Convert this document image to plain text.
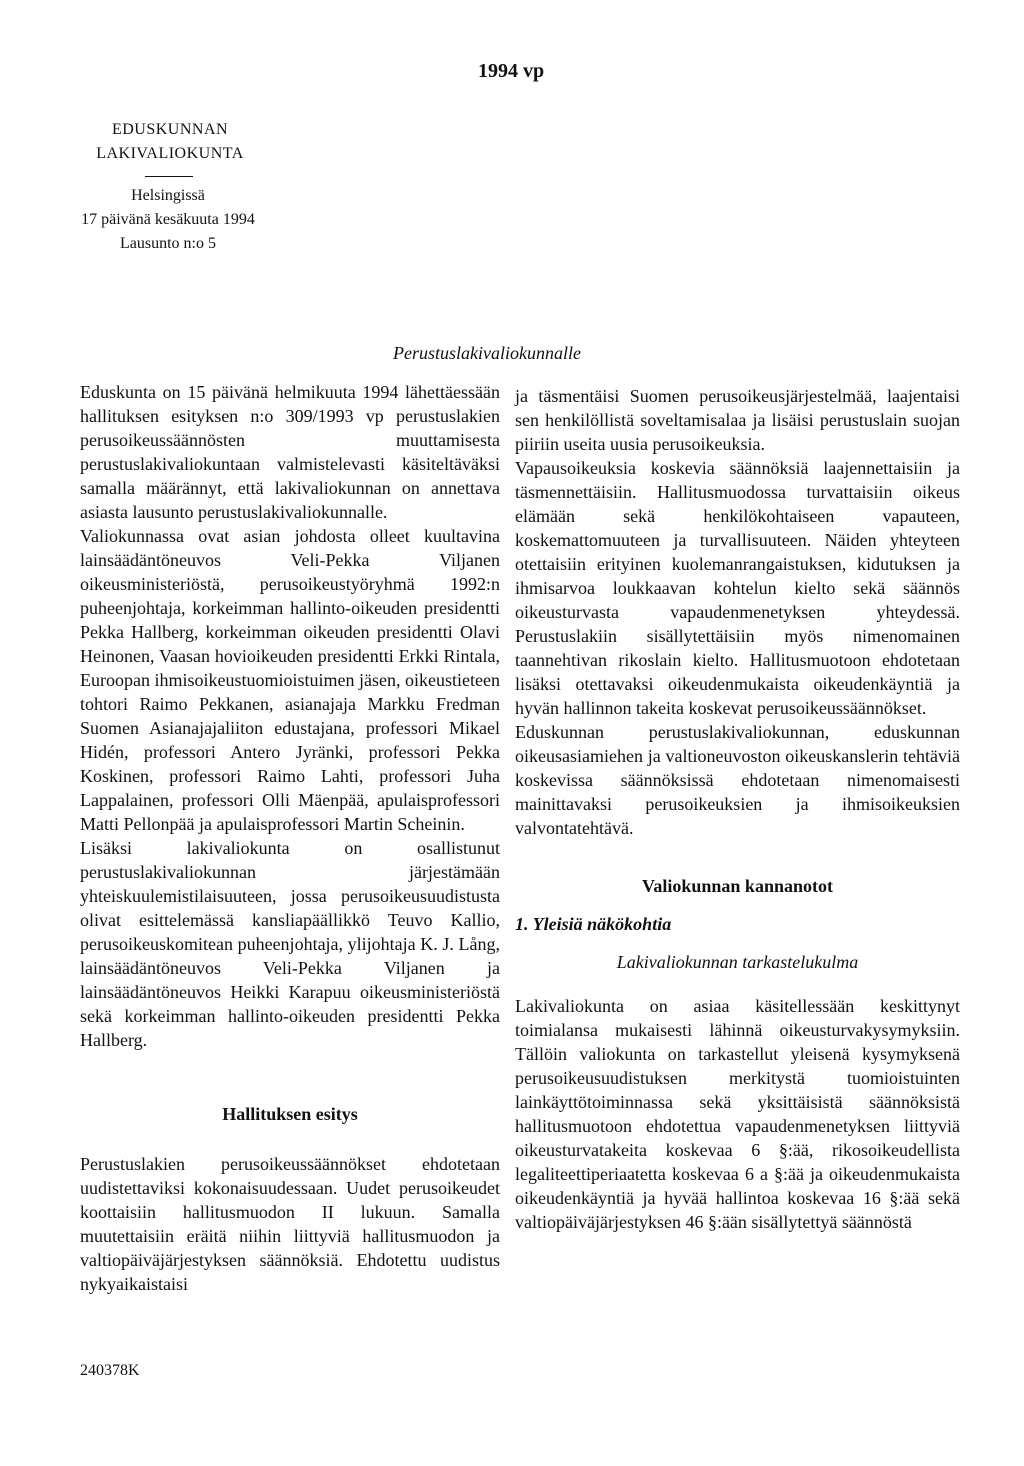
1994 vp
EDUSKUNNAN
LAKIVALIOKUNTA
Helsingissä
17 päivänä kesäkuuta 1994
Lausunto n:o 5
Perustuslakivaliokunnalle

Eduskunta on 15 päivänä helmikuuta 1994 lähettäessään hallituksen esityksen n:o 309/1993 vp perustuslakien perusoikeussäännösten muuttamisesta perustuslakivaliokuntaan valmistelevasti käsiteltäväksi samalla määrännyt, että lakivaliokunnan on annettava asiasta lausunto perustuslakivaliokunnalle.

Valiokunnassa ovat asian johdosta olleet kuultavina lainsäädäntöneuvos Veli-Pekka Viljanen oikeusministeriöstä, perusoikeustyöryhmä 1992:n puheenjohtaja, korkeimman hallinto-oikeuden presidentti Pekka Hallberg, korkeimman oikeuden presidentti Olavi Heinonen, Vaasan hovioikeuden presidentti Erkki Rintala, Euroopan ihmisoikeustuomioistuimen jäsen, oikeustieteen tohtori Raimo Pekkanen, asianajaja Markku Fredman Suomen Asianajajaliiton edustajana, professori Mikael Hidén, professori Antero Jyränki, professori Pekka Koskinen, professori Raimo Lahti, professori Juha Lappalainen, professori Olli Mäenpää, apulaisprofessori Matti Pellonpää ja apulaisprofessori Martin Scheinin.

Lisäksi lakivaliokunta on osallistunut perustuslakivaliokunnan järjestämään yhteiskuulemistilaisuuteen, jossa perusoikeusuudistusta olivat esittelemässä kansliapäällikkö Teuvo Kallio, perusoikeuskomitean puheenjohtaja, ylijohtaja K. J. Lång, lainsäädäntöneuvos Veli-Pekka Viljanen ja lainsäädäntöneuvos Heikki Karapuu oikeusministeriöstä sekä korkeimman hallinto-oikeuden presidentti Pekka Hallberg.

Hallituksen esitys

Perustuslakien perusoikeussäännökset ehdotetaan uudistettaviksi kokonaisuudessaan. Uudet perusoikeudet koottaisiin hallitusmuodon II lukuun. Samalla muutettaisiin eräitä niihin liittyviä hallitusmuodon ja valtiopäiväjärjestyksen säännöksiä. Ehdotettu uudistus nykyaikaistaisi

ja täsmentäisi Suomen perusoikeusjärjestelmää, laajentaisi sen henkilöllistä soveltamisalaa ja lisäisi perustuslain suojan piiriin useita uusia perusoikeuksia.

Vapausoikeuksia koskevia säännöksiä laajennettaisiin ja täsmennettäisiin. Hallitusmuodossa turvattaisiin oikeus elämään sekä henkilökohtaiseen vapauteen, koskemattomuuteen ja turvallisuuteen. Näiden yhteyteen otettaisiin erityinen kuolemanrangaistuksen, kidutuksen ja ihmisarvoa loukkaavan kohtelun kielto sekä säännös oikeusturvasta vapaudenmenetyksen yhteydessä. Perustuslakiin sisällytettäisiin myös nimenomainen taannehtivan rikoslain kielto. Hallitusmuotoon ehdotetaan lisäksi otettavaksi oikeudenmukaista oikeudenkäyntiä ja hyvän hallinnon takeita koskevat perusoikeussäännökset.

Eduskunnan perustuslakivaliokunnan, eduskunnan oikeusasiamiehen ja valtioneuvoston oikeuskanslerin tehtäviä koskevissa säännöksissä ehdotetaan nimenomaisesti mainittavaksi perusoikeuksien ja ihmisoikeuksien valvontatehtävä.

Valiokunnan kannanotot

1. Yleisiä näkökohtia

Lakivaliokunnan tarkastelukulma

Lakivaliokunta on asiaa käsitellessään keskittynyt toimialansa mukaisesti lähinnä oikeusturvakysymyksiin. Tällöin valiokunta on tarkastellut yleisenä kysymyksenä perusoikeusuudistuksen merkitystä tuomioistuinten lainkäyttötoiminnassa sekä yksittäisistä säännöksistä hallitusmuotoon ehdotettua vapaudenmenetyksen liittyviä oikeusturvatakeita koskevaa 6 §:ää, rikosoikeudellista legaliteettiperiaatetta koskevaa 6 a §:ää ja oikeudenmukaista oikeudenkäyntiä ja hyvää hallintoa koskevaa 16 §:ää sekä valtiopäiväjärjestyksen 46 §:ään sisällytettyä säännöstä

240378K
